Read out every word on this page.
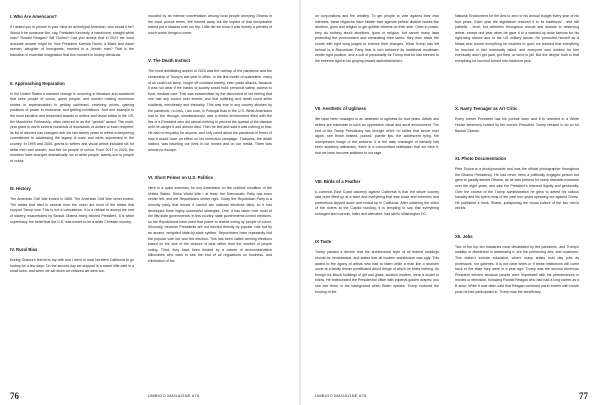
I. Who Are Americans?

If I asked you to picture in your mind an archetypal American, who would it be? Would it be someone like, say, President Kennedy, a handsome, straight white man? Ronald Reagan? Bill Clinton? Can you accept that in 2021 the most accurate answer might be Vice President Kamala Harris, a Black and Asian woman, daughter of immigrants, married to a Jewish man? That is the transition in essential imagination that this moment in history demands.

II. Approaching Reparation

In the United States a massive change is occurring in literature and academia that sees people of colour, queer people, and women making enormous strides in representation in getting published, receiving prizes, gaining positions of power in museums, and getting exhibitions. Just one example is the most lucrative and respected awards to writers and visual artists in the US, the MacArthur Fellowship, often referred to as the "genius" award. The multi-year grant is worth several hundreds of thousands of dollars to each recipient. Its list of winners has changed over the last twenty years to reflect a deepening commitment to addressing the legacy of male and white supremacy in the country. In 1999 and 2000, grants to writers and visual artists included six for white men and women, and five for people of colour. From 2017 to 2020, the numbers have changed dramatically: six to white people, twenty-one to people of colour.

III. History

The American Civil War ended in 1865. The American Civil War never ended. The states that tried to secede from the union are most of the states that support Trump now. This is not a coincidence. It is a refusal to accept the end of slavery, exacerbated by Barack Obama being elected President. It is white supremacy, the belief that the U.S. was meant to be a white Christian country.

IV. Rural Bias

During Obama's first term my wife and I went to rural Northern California to go birding for a few days. On the second day we stopped in a sweet little café in a small town, and when we sat down we realized we were sur-

rounded by an intense conversation among local people decrying Obama in the most vicious terms. We hurried away but the impact of that inexplicable hatred put a shadow over our trip. Little did we know it was merely a preview of much worse things to come.

V. The Death Instinct

The most debilitating aspect of 2020 was the overlap of the pandemic and the censorship of Trump's last year in office. In the first month of quarantine, many of us could not sleep, fought off constant anxiety, even panic attacks, because it was not clear if the basics of society would hold: personal safety, access to food, medical care. This was exacerbated by the discomfort of not feeling that one had any control over events, and that suffering and death could strike suddenly, mercilessly and thinkably. This was true in any country stricken by the pandemic, no less, I am sure, in Portugal than in the U.S. What Americans had to live through, simultaneously, was a media environment filled with the lies of a President who did almost nothing to prevent the spread of the disease until he caught it and almost died. Then he lied and said it was nothing to fear. He had no empathy for anyone, and only cared about the pandemic in terms of how it would have an effect on his reelection campaign. Thanatos, the death instinct, was haunting our lives in our homes and on our media. There was almost no escape.

VI. Short Primer on U.S. Politics

Here is a quick summary for non-Americans on the political condition of the United States. Since World War I at least, the Democratic Party has been center left, and the Republicans center right. Today the Republican Party is a minority party that knows it cannot win national elections fairly, so it has developed three highly successful strategies. One, it has taken over most of the fifty state governments; in this country, state governments control elections, so the Republicans have used that power to restrict voting by people of colour. Secondly, because Presidents are not elected directly by popular vote but by an arcane, weighted state-by-state system, Republicans have repeatedly lost the popular vote but won the election. This has been called winning elections based on the size of the amount of land rather than the number of people voting. Third, they have been funded by a coterie of archconservative billionaires who want to see the end of all regulations on business, and elimination of tax

on corporations and the wealthy. To get people to vote against their own interests, these oligarchs have hidden their agenda behind divisive issues like abortion, guns and religion to get gullible citizens on their side. Once in power, they do nothing about abortions, guns or religion, but cancel many laws protecting the environment and eliminating their taxes; they then stack the courts with right wing judges to enforce their changes. What Trump has left behind is a Republican Party that is torn between its traditional moderate, center right position, and a cult of personality for Trump that he has steered to the extreme right in his groping toward authoritarianism.

VII. Aesthetic of Ugliness

We have been hostages to an aesthetic of ugliness for four years. Artists and writers are miserable in such an oppressive visual and aural environment. The end of the Trump Presidency has brought relief: no rallies that strove ever again, see those twisted, pursed, puerile lips, the adolescent tying, the omnipresent image of the autocrat. It is the daily onslaught of banality has been suddenly withdrawn, there is a concomitant realisation that we miss it, that we have become addicted to our rage.

VIII. Birds of a Feather

A common East Coast calumny against California is that the whole country was once lifted up at a slant and everything that was loose and eccentric and pretentious slipped down and ended up in California. After watching the video of the rioters at the Capitol building, it is tempting to say that everything unhinged and moronic, bitter and alienated, had slid to Washington DC.

IX Taste

Trump passed a decree that the architectural style of all federal buildings should be neoclassical, and stated that all modern architecture was ugly. This added to the agony of artists who had to listen while a man like a drunken uncle at a family dinner pontificated about things of which he knew nothing. As though his kitsch buildings of gilt and glass, bookish modern, were a model to follow. He redecorated the Presidential office with imperial golden drapes; you can see them in the background when Biden speaks. Trump reduced the funding of the

National Endowment for the Arts to zero in his annual budget every year of his four years. Each year the legislature restored it to its traditional - and still pathetic - level, but withdrew throughout annual arts awards to deserving artists, except one year when he gave it to a washed-up actor famous for his right-wing stance and to the US military bands. He promoted himself as a Midas who turned everything he touched to gold; we learned that everything he touched in fact eventually failed, and everyone who worked for him eventually didn't get paid, got fired, or went to jail. But the deeper truth is that everything he touched turned into mediocre junk.

X. Nasty Teenager as Art Critic

Every former President has his portrait done and it is unveiled in a White House ceremony hosted by the current President. Trump refused to do so for Barack Obama.

XI. Photo Documentation

Pete Souza is a photojournalist and was the official photographer throughout the Obama Presidency. He had never been a politically engaged person but grew to greatly admire Obama, as he was present for many dramatic moments over the eight years, and saw the President's inherent dignity and generosity. Over the course of the Trump administration he grew to detest his callous banality and his spent most of the past four years speaking out against Trump. He published a book, Shade, juxtaposing the visual culture of the two men's worlds.

XII. Jobs

Two of the top ten industries most devastated by the pandemic, and Trump's inability or disinterest in addressing it, are the performing arts, and museums. This doesn't include education, where many artists hold day jobs as professors, nor galleries. It is not clear when or if these institutions will come back to the state they were in a year ago. Trump was the second American President elected because people were impressed with his performances in movies or television, following Ronald Reagan who had had a long career as a B actor. While it was often said that Reagan confused world events with movie plots he had participated in, Trump was the beneficiary

76	UMBIGO MAGAZINE #76	UMBIGO MAGAZINE #76	77
